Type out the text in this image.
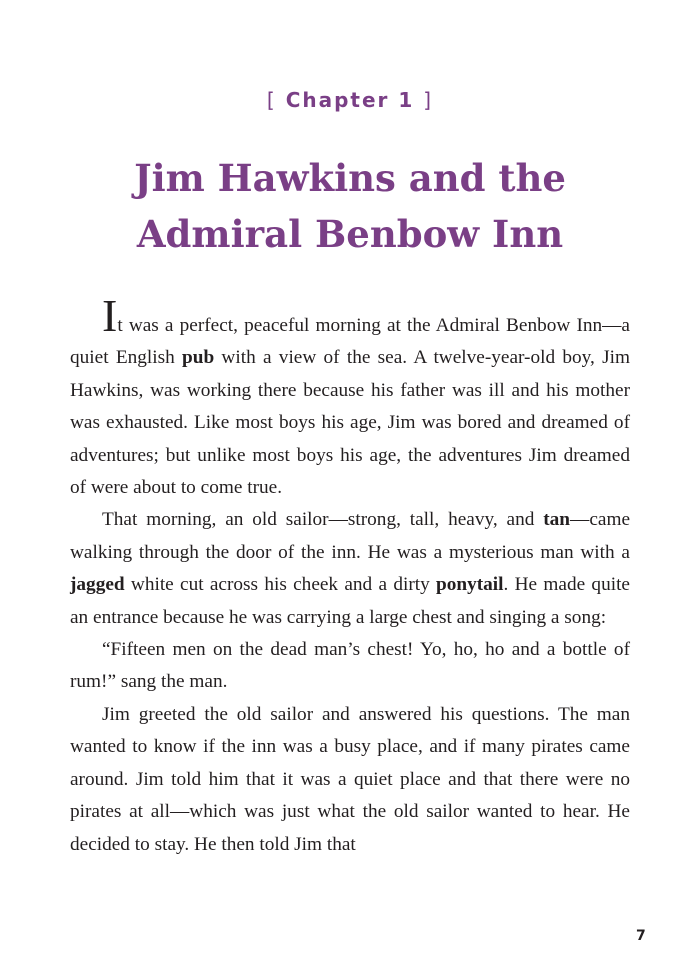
[ Chapter 1 ]
Jim Hawkins and the
Admiral Benbow Inn

It was a perfect, peaceful morning at the Admiral Benbow Inn—a quiet English pub with a view of the sea. A twelve-year-old boy, Jim Hawkins, was working there because his father was ill and his mother was exhausted. Like most boys his age, Jim was bored and dreamed of adventures; but unlike most boys his age, the adventures Jim dreamed of were about to come true.

That morning, an old sailor—strong, tall, heavy, and tan—came walking through the door of the inn. He was a mysterious man with a jagged white cut across his cheek and a dirty ponytail. He made quite an entrance because he was carrying a large chest and singing a song:

“Fifteen men on the dead man’s chest! Yo, ho, ho and a bottle of rum!” sang the man.

Jim greeted the old sailor and answered his questions. The man wanted to know if the inn was a busy place, and if many pirates came around. Jim told him that it was a quiet place and that there were no pirates at all—which was just what the old sailor wanted to hear. He decided to stay. He then told Jim that

7
